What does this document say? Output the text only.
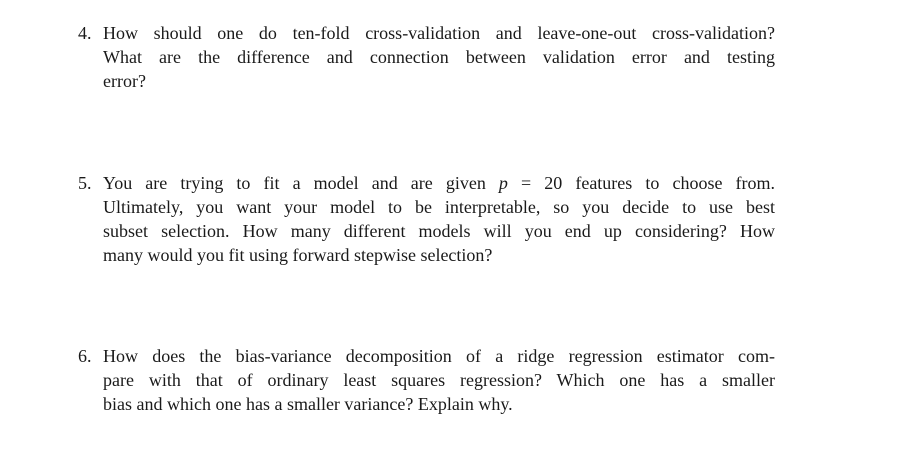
4. How should one do ten-fold cross-validation and leave-one-out cross-validation?
What are the difference and connection between validation error and testing
error?
5. You are trying to fit a model and are given p = 20 features to choose from.
Ultimately, you want your model to be interpretable, so you decide to use best
subset selection. How many different models will you end up considering? How
many would you fit using forward stepwise selection?
6. How does the bias-variance decomposition of a ridge regression estimator com-
pare with that of ordinary least squares regression? Which one has a smaller
bias and which one has a smaller variance? Explain why.
